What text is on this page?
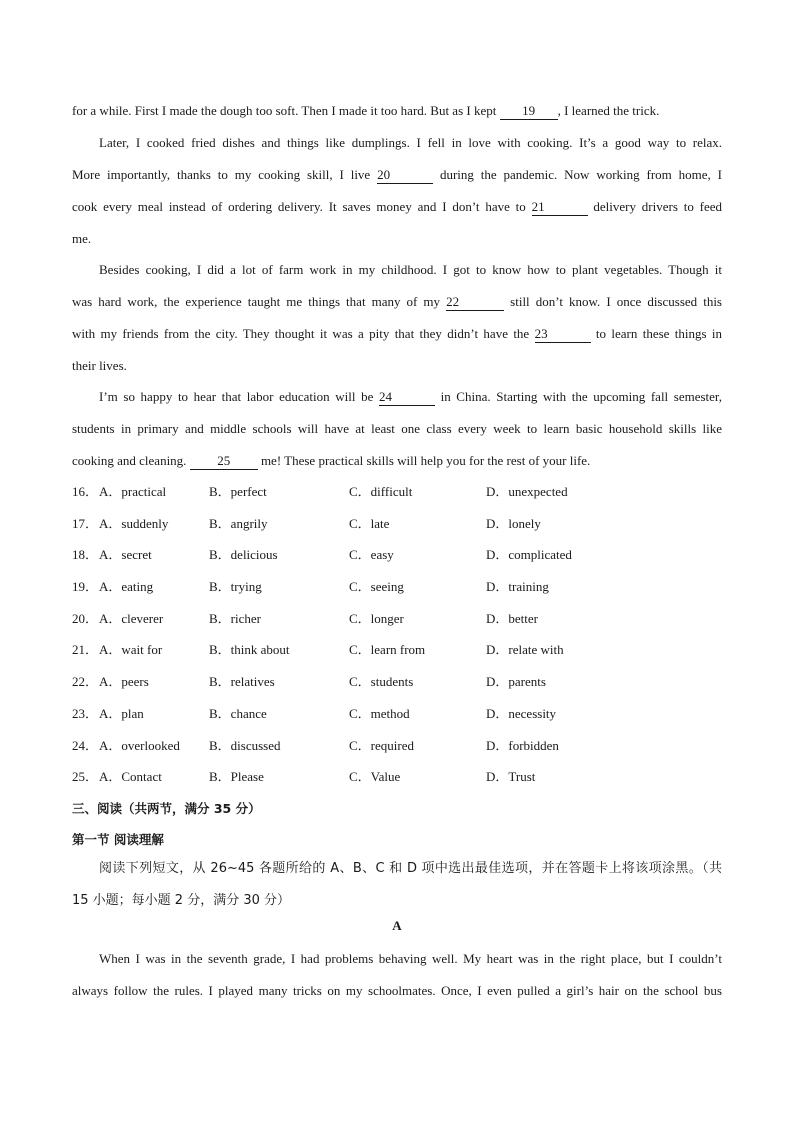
for a while. First I made the dough too soft. Then I made it too hard. But as I kept 19 , I learned the trick.
Later, I cooked fried dishes and things like dumplings. I fell in love with cooking. It’s a good way to relax.
More importantly, thanks to my cooking skill, I live 20	during the pandemic. Now working from home, I
cook every meal instead of ordering delivery. It saves money and I don’t have to 21	delivery drivers to feed
me.
Besides cooking, I did a lot of farm work in my childhood. I got to know how to plant vegetables. Though it
was hard work, the experience taught me things that many of my 22	still don’t know. I once discussed this
with my friends from the city. They thought it was a pity that they didn’t have the 23	to learn these things in
their lives.
I’m so happy to hear that labor education will be 24	in China. Starting with the upcoming fall semester,
students in primary and middle schools will have at least one class every week to learn basic household skills like
cooking and cleaning. 25 me! These practical skills will help you for the rest of your life.
16． A．practical	B．perfect	C．difficult	D．unexpected
17． A．suddenly	B．angrily	C．late	D．lonely
18． A．secret	B．delicious	C．easy	D．complicated
19． A．eating	B．trying	C．seeing	D．training
20． A．cleverer	B．richer	C．longer	D．better
21． A．wait for	B．think about	C．learn from	D．relate with
22． A．peers	B．relatives	C．students	D．parents
23． A．plan	B．chance	C．method	D．necessity
24． A．overlooked B．discussed	C．required	D．forbidden
25． A．Contact	B．Please	C．Value	D．Trust
三、阅读（共两节，满分 35 分）
第一节 阅读理解
阅读下列短文，从 26~45 各题所给的 A、B、C 和 D 项中选出最佳选项，并在答题卡上将该项涂黑。（共
15 小题；每小题 2 分，满分 30 分）
A
When I was in the seventh grade, I had problems behaving well. My heart was in the right place, but I couldn’t
always follow the rules. I played many tricks on my schoolmates. Once, I even pulled a girl’s hair on the school bus
